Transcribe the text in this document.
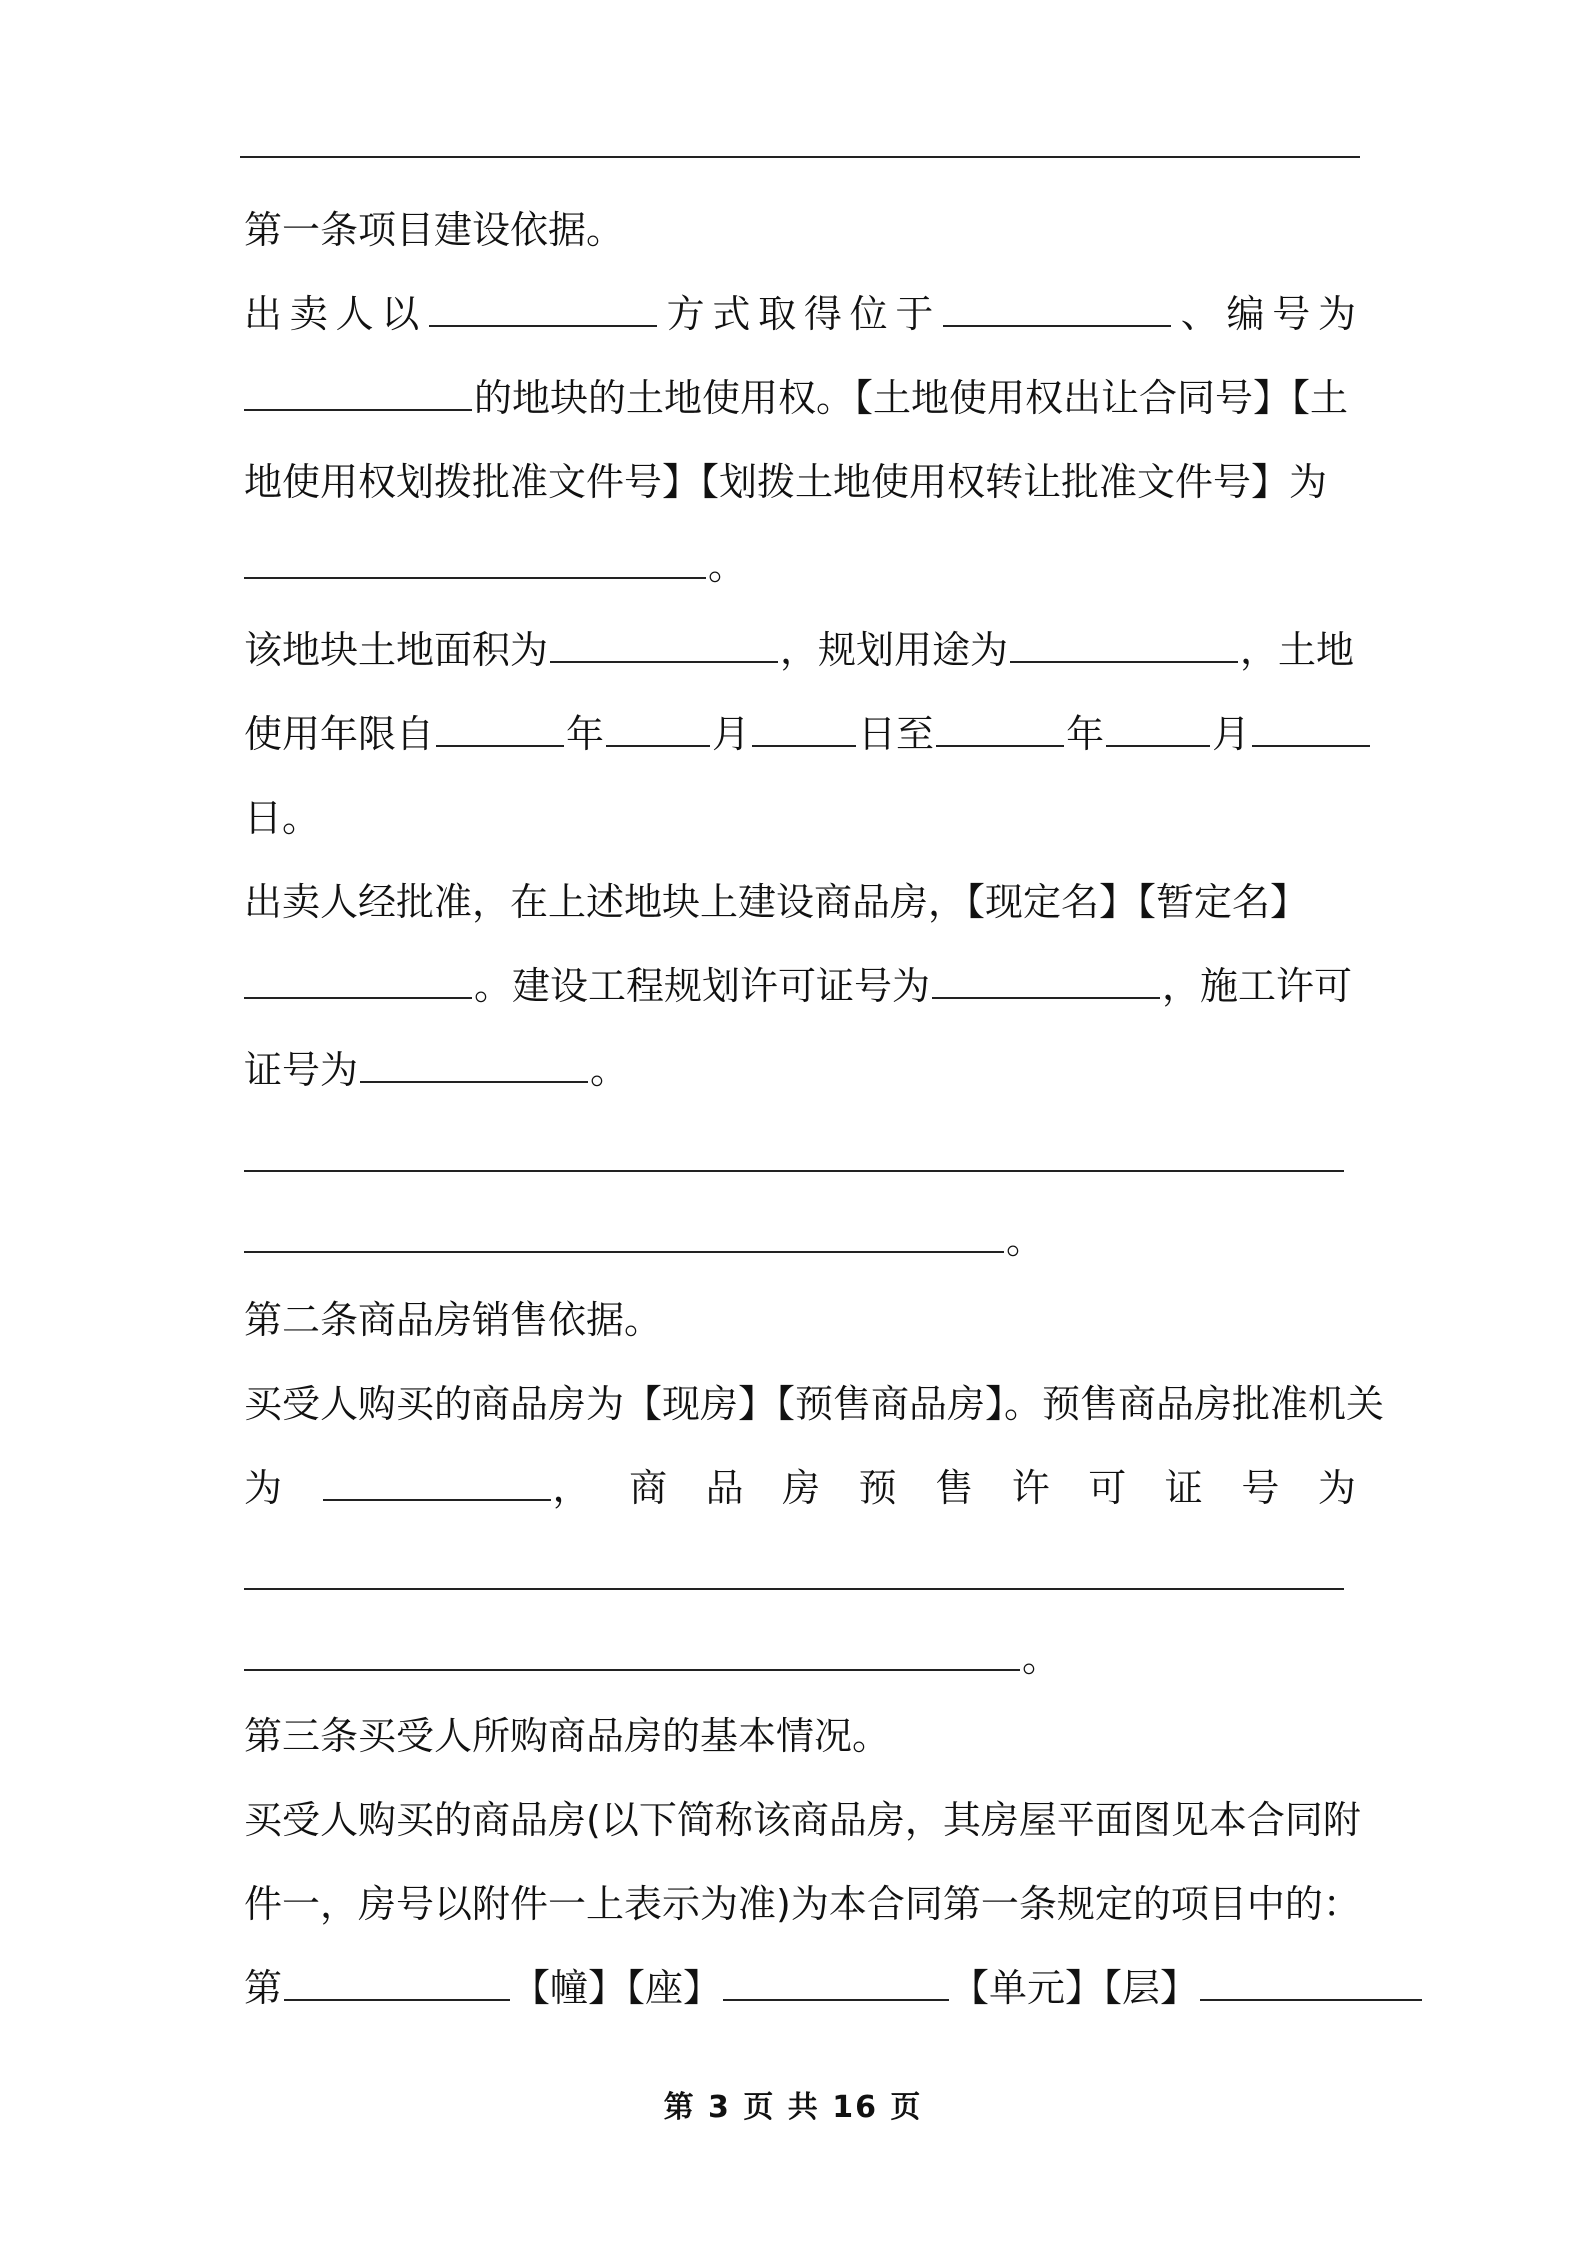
第一条项目建设依据。
出 卖 人 以	方 式 取 得 位 于	、 编 号 为
的地块的土地使用权。【土地使用权出让合同号】【土
地使用权划拨批准文件号】【划拨土地使用权转让批准文件号】为
。
该地块土地面积为	，规划用途为	，土地
使用年限自	年	月	日至	年	月
日。
出卖人经批准，在上述地块上建设商品房，【现定名】【暂定名】
。建设工程规划许可证号为	，施工许可
证号为	。
。
第二条商品房销售依据。
买受人购买的商品房为【现房】【预售商品房】。预售商品房批准机关
为	， 商 品 房 预 售 许 可 证 号 为
。
第三条买受人所购商品房的基本情况。
买受人购买的商品房(以下简称该商品房，其房屋平面图见本合同附
件一，房号以附件一上表示为准)为本合同第一条规定的项目中的：
第	【幢】【座】	【单元】【层】
第 3 页 共 16 页
